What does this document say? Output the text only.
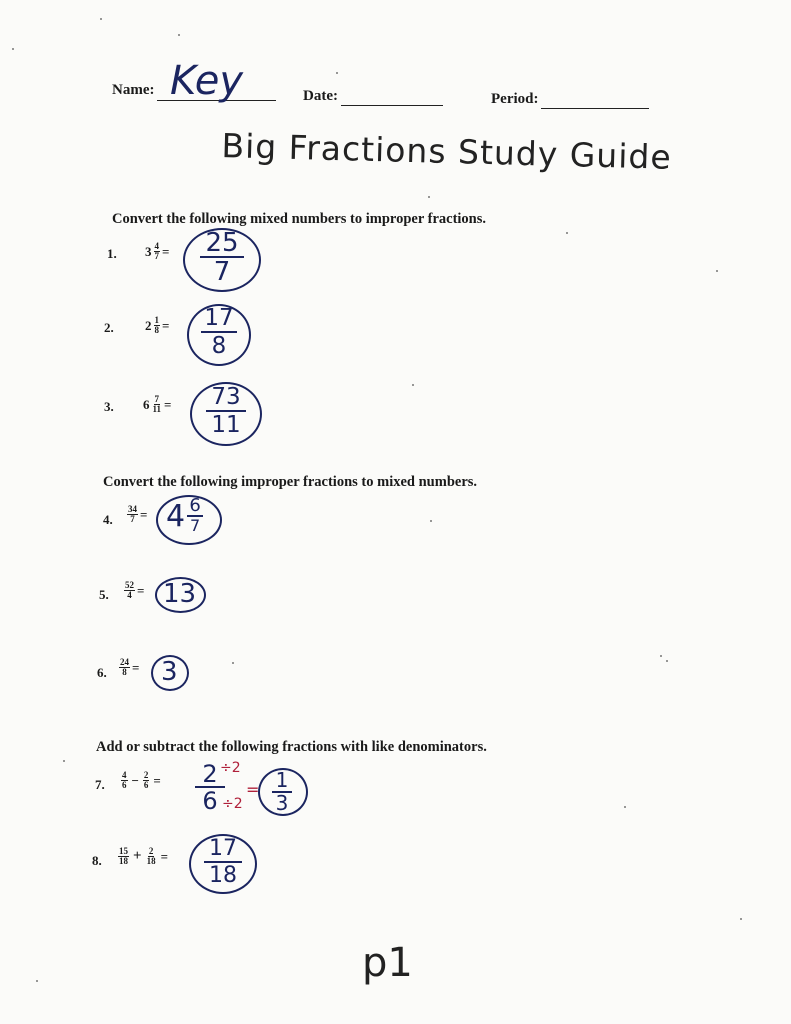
Name: Key	Date:	Period:
Big Fractions Study Guide
Convert the following mixed numbers to improper fractions.
1. $3 \frac{4}{7} = 25$
7
2. $2 \frac{1}{8} = 17$
8
3. $6 \frac{7}{11} = 73$
11
Convert the following improper fractions to mixed numbers.
4. $\frac{34}{7} = 4$ 6
7
5. $\frac{52}{4} = 13$
6. $\frac{24}{8} = 3$
Add or subtract the following fractions with like denominators.
7. $\frac{4}{6} - \frac{2}{6} = 2$
6
÷2
÷2
= 1
3
8. $\frac{15}{18} + \frac{2}{18} = 17$
18
p1
